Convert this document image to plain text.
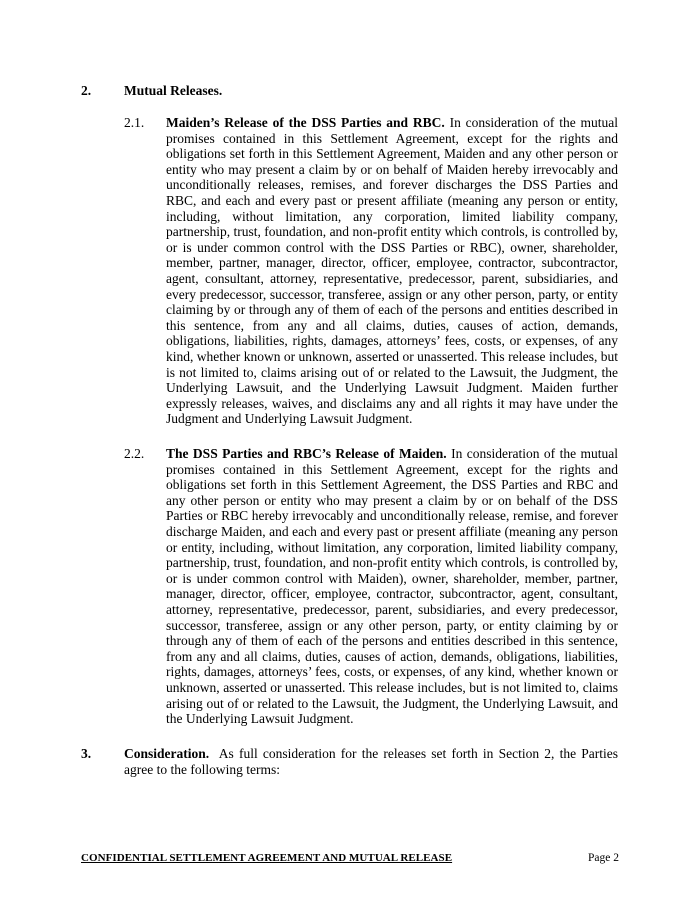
2. Mutual Releases.
2.1. Maiden’s Release of the DSS Parties and RBC. In consideration of the mutual promises contained in this Settlement Agreement, except for the rights and obligations set forth in this Settlement Agreement, Maiden and any other person or entity who may present a claim by or on behalf of Maiden hereby irrevocably and unconditionally releases, remises, and forever discharges the DSS Parties and RBC, and each and every past or present affiliate (meaning any person or entity, including, without limitation, any corporation, limited liability company, partnership, trust, foundation, and non-profit entity which controls, is controlled by, or is under common control with the DSS Parties or RBC), owner, shareholder, member, partner, manager, director, officer, employee, contractor, subcontractor, agent, consultant, attorney, representative, predecessor, parent, subsidiaries, and every predecessor, successor, transferee, assign or any other person, party, or entity claiming by or through any of them of each of the persons and entities described in this sentence, from any and all claims, duties, causes of action, demands, obligations, liabilities, rights, damages, attorneys’ fees, costs, or expenses, of any kind, whether known or unknown, asserted or unasserted. This release includes, but is not limited to, claims arising out of or related to the Lawsuit, the Judgment, the Underlying Lawsuit, and the Underlying Lawsuit Judgment. Maiden further expressly releases, waives, and disclaims any and all rights it may have under the Judgment and Underlying Lawsuit Judgment.
2.2. The DSS Parties and RBC’s Release of Maiden. In consideration of the mutual promises contained in this Settlement Agreement, except for the rights and obligations set forth in this Settlement Agreement, the DSS Parties and RBC and any other person or entity who may present a claim by or on behalf of the DSS Parties or RBC hereby irrevocably and unconditionally release, remise, and forever discharge Maiden, and each and every past or present affiliate (meaning any person or entity, including, without limitation, any corporation, limited liability company, partnership, trust, foundation, and non-profit entity which controls, is controlled by, or is under common control with Maiden), owner, shareholder, member, partner, manager, director, officer, employee, contractor, subcontractor, agent, consultant, attorney, representative, predecessor, parent, subsidiaries, and every predecessor, successor, transferee, assign or any other person, party, or entity claiming by or through any of them of each of the persons and entities described in this sentence, from any and all claims, duties, causes of action, demands, obligations, liabilities, rights, damages, attorneys’ fees, costs, or expenses, of any kind, whether known or unknown, asserted or unasserted. This release includes, but is not limited to, claims arising out of or related to the Lawsuit, the Judgment, the Underlying Lawsuit, and the Underlying Lawsuit Judgment.
3. Consideration. As full consideration for the releases set forth in Section 2, the Parties agree to the following terms:
CONFIDENTIAL SETTLEMENT AGREEMENT AND MUTUAL RELEASE	Page 2
